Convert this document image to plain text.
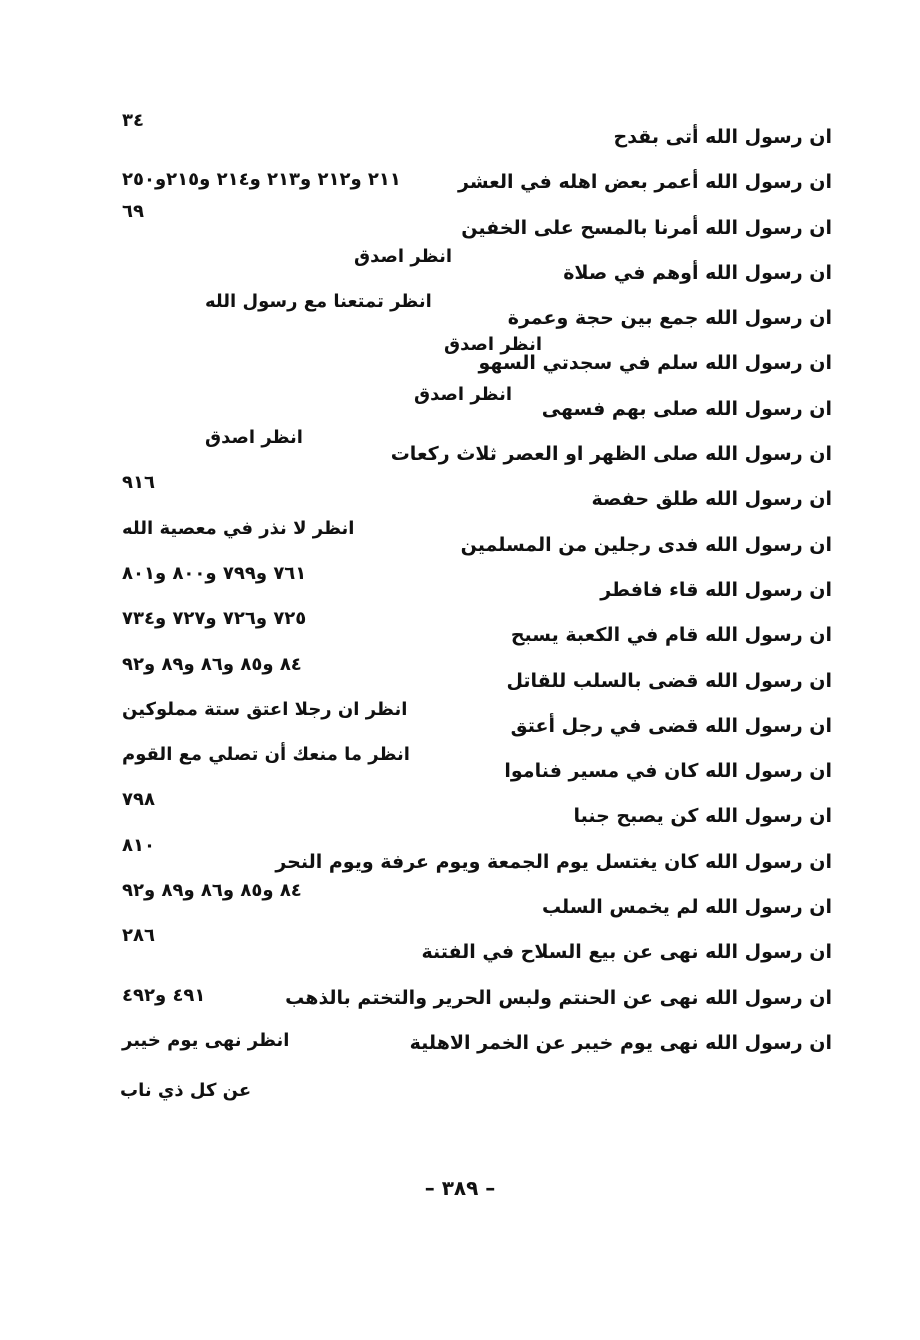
ان رسول الله أتى بقدح
٣٤
ان رسول الله أعمر بعض اهله في العشر
٢١١ و٢١٢ و٢١٣ و٢١٤ و٢١٥و٢٥٠
ان رسول الله أمرنا بالمسح على الخفين
٦٩
ان رسول الله أوهم في صلاة
انظر اصدق
ان رسول الله جمع بين حجة وعمرة
انظر تمتعنا مع رسول الله
ان رسول الله سلم في سجدتي السهو
انظر اصدق
ان رسول الله صلى بهم فسهى
انظر اصدق
ان رسول الله صلى الظهر او العصر ثلاث ركعات
انظر اصدق
ان رسول الله طلق حفصة
٩١٦
ان رسول الله فدى رجلين من المسلمين
انظر لا نذر في معصية الله
ان رسول الله قاء فافطر
٧٦١ و٧٩٩ و٨٠٠ و٨٠١
ان رسول الله قام في الكعبة يسبح
٧٢٥ و٧٢٦ و٧٢٧ و٧٣٤
ان رسول الله قضى بالسلب للقاتل
٨٤ و٨٥ و٨٦ و٨٩ و٩٢
ان رسول الله قضى في رجل أعتق
انظر ان رجلا اعتق ستة مملوكين
ان رسول الله كان في مسير فناموا
انظر ما منعك أن تصلي مع القوم
ان رسول الله كن يصبح جنبا
٧٩٨
ان رسول الله كان يغتسل يوم الجمعة ويوم عرفة ويوم النحر
٨١٠
ان رسول الله لم يخمس السلب
٨٤ و٨٥ و٨٦ و٨٩ و٩٢
ان رسول الله نهى عن بيع السلاح في الفتنة
٢٨٦
ان رسول الله نهى عن الحنتم ولبس الحرير والتختم بالذهب
٤٩١ و٤٩٢
ان رسول الله نهى يوم خيبر عن الخمر الاهلية
انظر نهى يوم خيبر
عن كل ذي ناب
– ٣٨٩ –
